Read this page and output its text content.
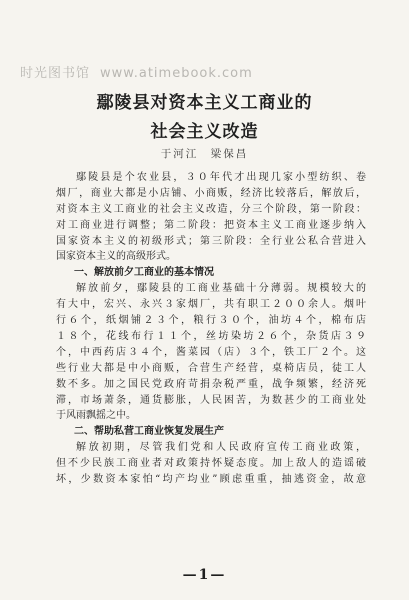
时光图书馆 www.atimebook.com
鄢陵县对资本主义工商业的
社会主义改造
于河江　梁保昌
鄢陵县是个农业县，３０年代才出现几家小型纺织、卷
烟厂，商业大都是小店铺、小商贩，经济比较落后，解放后，
对资本主义工商业的社会主义改造，分三个阶段，第一阶段：
对工商业进行调整；第二阶段：把资本主义工商业逐步纳入
国家资本主义的初级形式；第三阶段：全行业公私合营进入
国家资本主义的高级形式。
一、解放前夕工商业的基本情况
解放前夕，鄢陵县的工商业基础十分薄弱。规模较大的
有大中，宏兴、永兴３家烟厂，共有职工２００余人。烟叶
行６个，纸烟铺２３个，粮行３０个，油坊４个，棉布店
１８个，花线布行１１个，丝坊染坊２６个，杂货店３９
个，中西药店３４个，酱菜园（店）３个，铁工厂２个。这
些行业大都是中小商贩，合营生产经营，桌椅店员，徒工人
数不多。加之国民党政府苛捐杂税严重，战争频繁，经济死
滞，市场萧条，通货膨胀，人民困苦，为数甚少的工商业处
于风雨飘摇之中。
二、帮助私营工商业恢复发展生产
解放初期，尽管我们党和人民政府宣传工商业政策，
但不少民族工商业者对政策持怀疑态度。加上敌人的造谣破
坏，少数资本家怕“均产均业”顾虑重重，抽逃资金，故意
—1—
